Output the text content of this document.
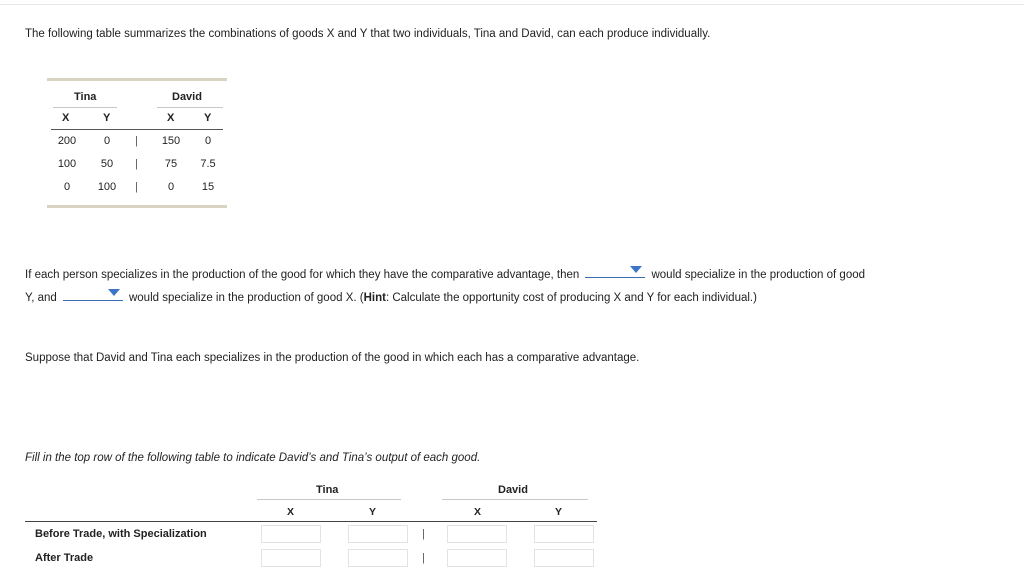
The following table summarizes the combinations of goods X and Y that two individuals, Tina and David, can each produce individually.
Tina	David
X	Y	X	Y
200	0	|	150	0
100	50	|	75	7.5
0	100	|	0	15
If each person specializes in the production of the good for which they have the comparative advantage, then	would specialize in the production of good Y, and	would specialize in the production of good X. (Hint: Calculate the opportunity cost of producing X and Y for each individual.)
Suppose that David and Tina each specializes in the production of the good in which each has a comparative advantage.
Fill in the top row of the following table to indicate David’s and Tina’s output of each good.
Tina	David
X	Y	X	Y
Before Trade, with Specialization	|
After Trade	|
